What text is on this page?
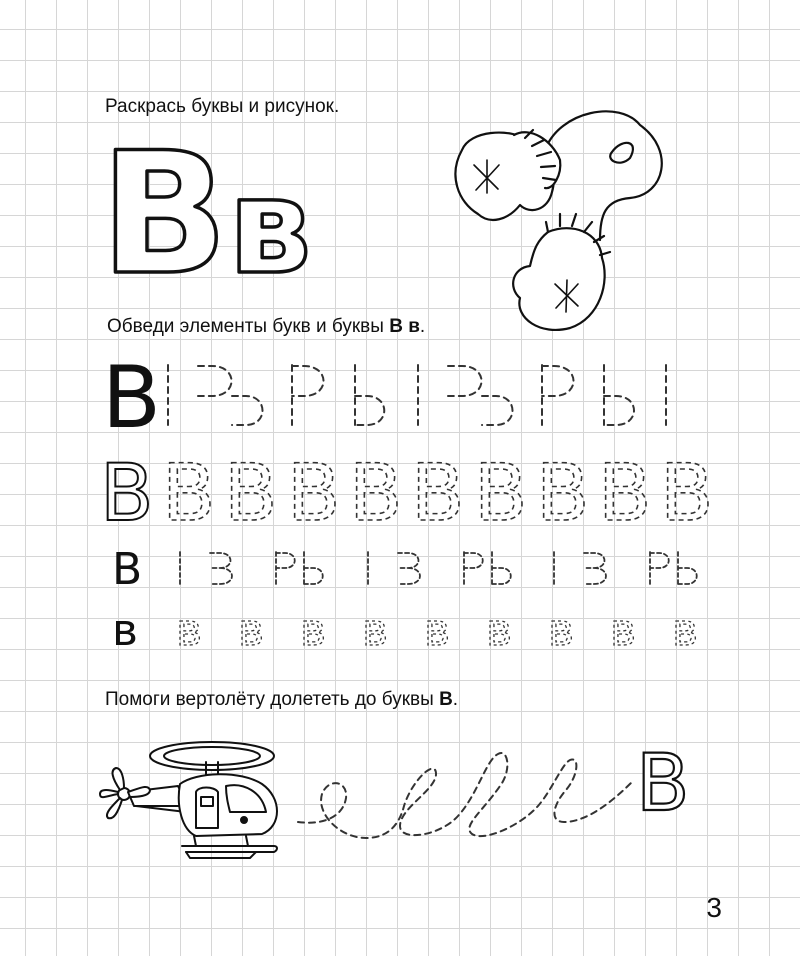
Раскрась буквы и рисунок.
Обведи элементы букв и буквы В в.
Помоги вертолёту долететь до буквы В.
В в
В
В В В В В В В В В В
В
в в в в в в в в в в
В
3
